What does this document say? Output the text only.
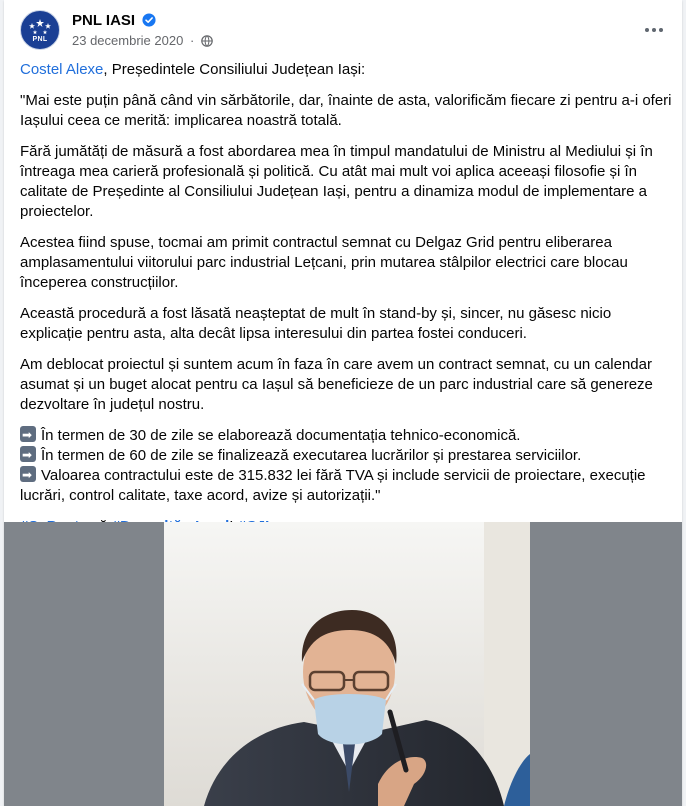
PNL
PNL IASI
23 decembrie 2020 ·

Costel Alexe, Președintele Consiliului Județean Iași:

"Mai este puțin până când vin sărbătorile, dar, înainte de asta, valorificăm fiecare zi pentru a-i oferi Iașului ceea ce merită: implicarea noastră totală.

Fără jumătăți de măsură a fost abordarea mea în timpul mandatului de Ministru al Mediului și în întreaga mea carieră profesională și politică. Cu atât mai mult voi aplica aceeași filosofie și în calitate de Președinte al Consiliului Județean Iași, pentru a dinamiza modul de implementare a proiectelor.

Acestea fiind spuse, tocmai am primit contractul semnat cu Delgaz Grid pentru eliberarea amplasamentului viitorului parc industrial Lețcani, prin mutarea stâlpilor electrici care blocau începerea construcțiilor.

Această procedură a fost lăsată neașteptat de mult în stand-by și, sincer, nu găsesc nicio explicație pentru asta, alta decât lipsa interesului din partea fostei conduceri.

Am deblocat proiectul și suntem acum în faza în care avem un contract semnat, cu un calendar asumat și un buget alocat pentru ca Iașul să beneficieze de un parc industrial care să genereze dezvoltare în județul nostru.

➡În termen de 30 de zile se elaborează documentația tehnico-economică.
➡În termen de 60 de zile se finalizează executarea lucrărilor și prestarea serviciilor.
➡Valoarea contractului este de 315.832 lei fără TVA și include servicii de proiectare, execuție lucrări, control calitate, taxe acord, avize și autorizații."
